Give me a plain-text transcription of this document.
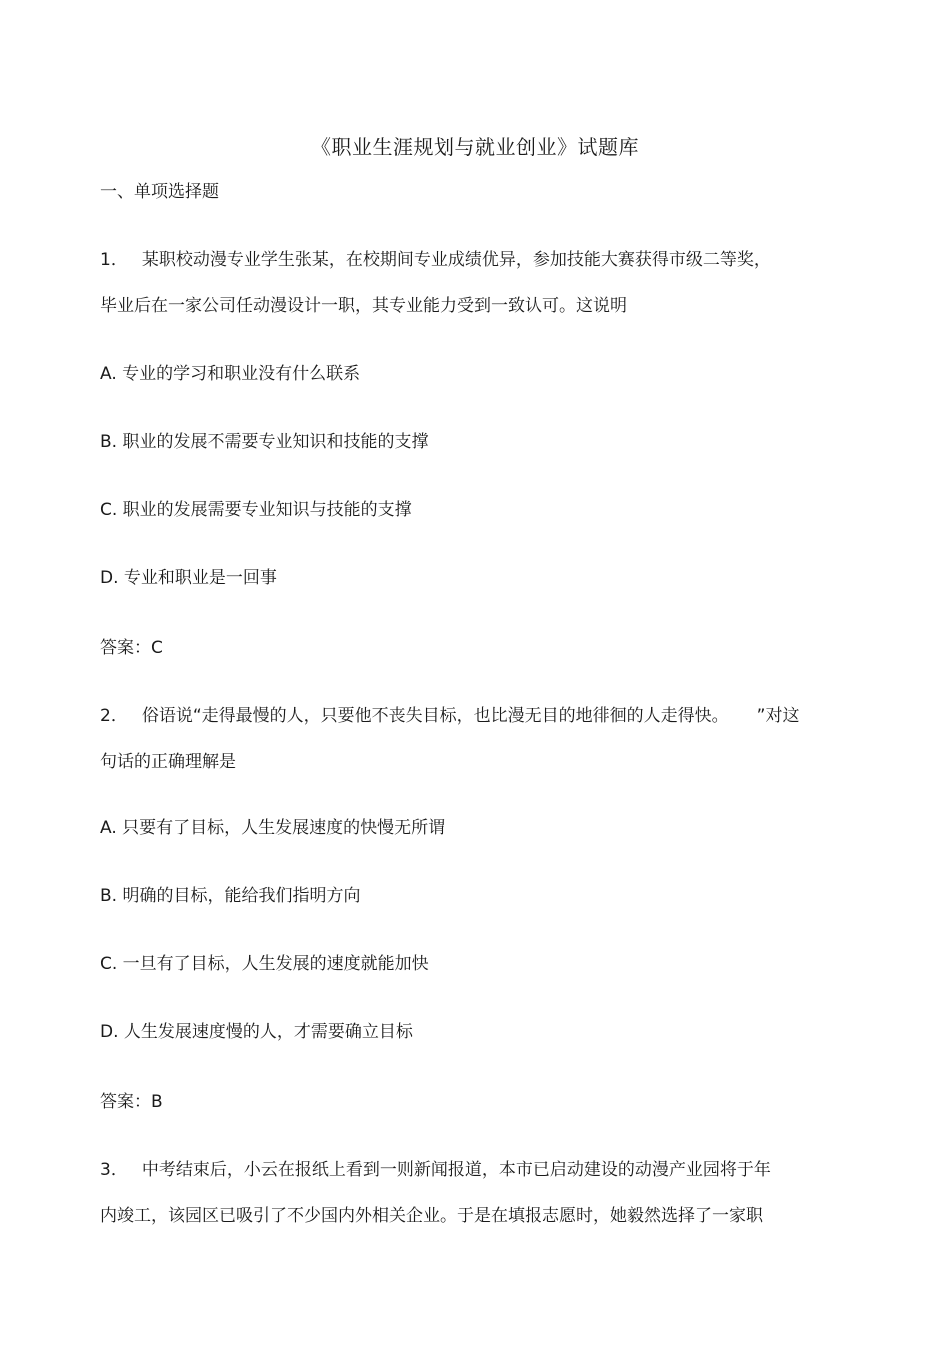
《职业生涯规划与就业创业》试题库
一、单项选择题
1． 某职校动漫专业学生张某，在校期间专业成绩优异，参加技能大赛获得市级二等奖，
毕业后在一家公司任动漫设计一职，其专业能力受到一致认可。这说明
A. 专业的学习和职业没有什么联系
B. 职业的发展不需要专业知识和技能的支撑
C. 职业的发展需要专业知识与技能的支撑
D. 专业和职业是一回事
答案：C
2． 俗语说“走得最慢的人，只要他不丧失目标，也比漫无目的地徘徊的人走得快。 ”对这
句话的正确理解是
A. 只要有了目标，人生发展速度的快慢无所谓
B. 明确的目标，能给我们指明方向
C. 一旦有了目标，人生发展的速度就能加快
D. 人生发展速度慢的人，才需要确立目标
答案：B
3． 中考结束后，小云在报纸上看到一则新闻报道，本市已启动建设的动漫产业园将于年
内竣工，该园区已吸引了不少国内外相关企业。于是在填报志愿时，她毅然选择了一家职
